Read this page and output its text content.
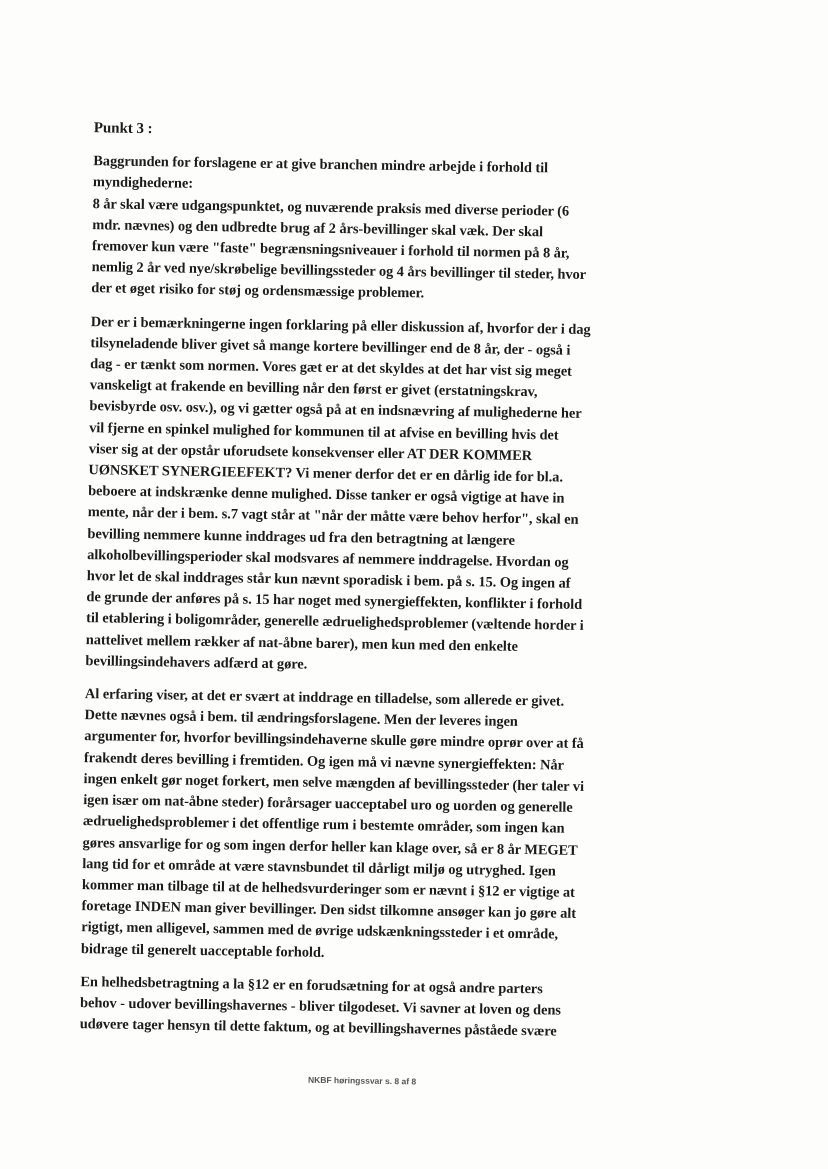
Punkt 3 :
Baggrunden for forslagene er at give branchen mindre arbejde i forhold til
myndighederne:
8 år skal være udgangspunktet, og nuværende praksis med diverse perioder (6
mdr. nævnes) og den udbredte brug af 2 års-bevillinger skal væk. Der skal
fremover kun være "faste" begrænsningsniveauer i forhold til normen på 8 år,
nemlig 2 år ved nye/skrøbelige bevillingssteder og 4 års bevillinger til steder, hvor
der et øget risiko for støj og ordensmæssige problemer.
Der er i bemærkningerne ingen forklaring på eller diskussion af, hvorfor der i dag
tilsyneladende bliver givet så mange kortere bevillinger end de 8 år, der - også i
dag - er tænkt som normen. Vores gæt er at det skyldes at det har vist sig meget
vanskeligt at frakende en bevilling når den først er givet (erstatningskrav,
bevisbyrde osv. osv.), og vi gætter også på at en indsnævring af mulighederne her
vil fjerne en spinkel mulighed for kommunen til at afvise en bevilling hvis det
viser sig at der opstår uforudsete konsekvenser eller AT DER KOMMER
UØNSKET SYNERGIEEFEKT? Vi mener derfor det er en dårlig ide for bl.a.
beboere at indskrænke denne mulighed. Disse tanker er også vigtige at have in
mente, når der i bem. s.7 vagt står at "når der måtte være behov herfor", skal en
bevilling nemmere kunne inddrages ud fra den betragtning at længere
alkoholbevillingsperioder skal modsvares af nemmere inddragelse. Hvordan og
hvor let de skal inddrages står kun nævnt sporadisk i bem. på s. 15. Og ingen af
de grunde der anføres på s. 15 har noget med synergieffekten, konflikter i forhold
til etablering i boligområder, generelle ædruelighedsproblemer (væltende horder i
nattelivet mellem rækker af nat-åbne barer), men kun med den enkelte
bevillingsindehavers adfærd at gøre.
Al erfaring viser, at det er svært at inddrage en tilladelse, som allerede er givet.
Dette nævnes også i bem. til ændringsforslagene. Men der leveres ingen
argumenter for, hvorfor bevillingsindehaverne skulle gøre mindre oprør over at få
frakendt deres bevilling i fremtiden. Og igen må vi nævne synergieffekten: Når
ingen enkelt gør noget forkert, men selve mængden af bevillingssteder (her taler vi
igen især om nat-åbne steder) forårsager uacceptabel uro og uorden og generelle
ædruelighedsproblemer i det offentlige rum i bestemte områder, som ingen kan
gøres ansvarlige for og som ingen derfor heller kan klage over, så er 8 år MEGET
lang tid for et område at være stavnsbundet til dårligt miljø og utryghed. Igen
kommer man tilbage til at de helhedsvurderinger som er nævnt i §12 er vigtige at
foretage INDEN man giver bevillinger. Den sidst tilkomne ansøger kan jo gøre alt
rigtigt, men alligevel, sammen med de øvrige udskænkningssteder i et område,
bidrage til generelt uacceptable forhold.
En helhedsbetragtning a la §12 er en forudsætning for at også andre parters
behov - udover bevillingshavernes - bliver tilgodeset. Vi savner at loven og dens
udøvere tager hensyn til dette faktum, og at bevillingshavernes påståede svære
NKBF høringssvar s. 8 af 8
